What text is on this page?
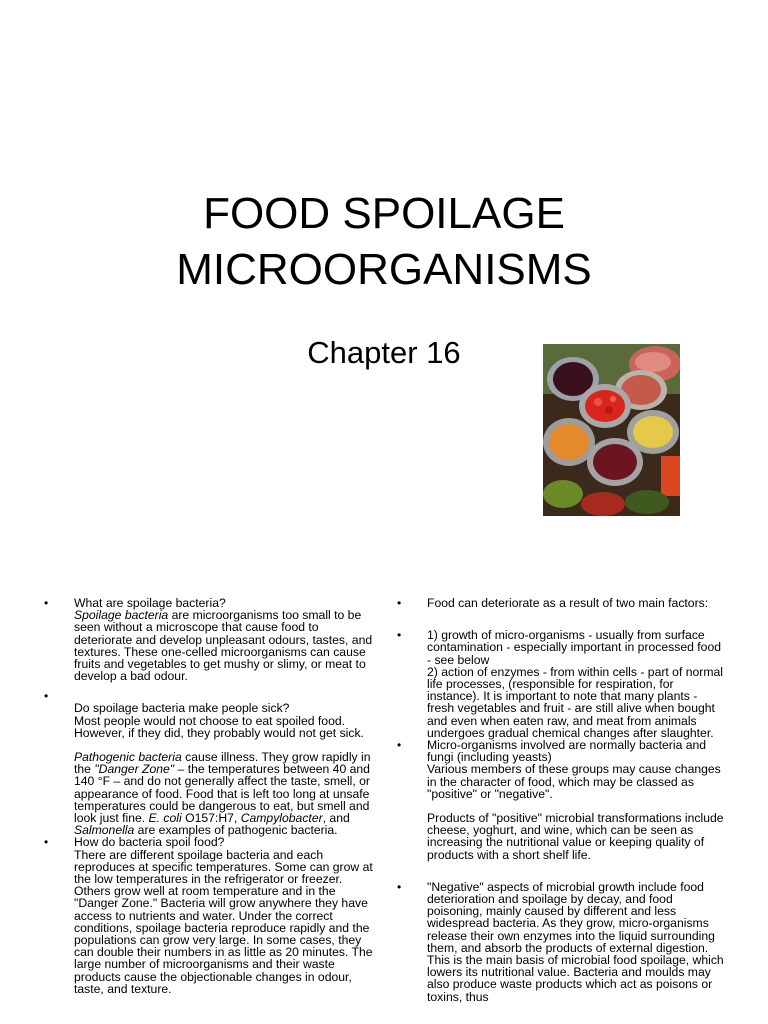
FOOD SPOILAGE
MICROORGANISMS
Chapter 16
• What are spoilage bacteria?

Spoilage bacteria are microorganisms too small to be seen without a microscope that cause food to deteriorate and develop unpleasant odours, tastes, and textures. These one-celled microorganisms can cause fruits and vegetables to get mushy or slimy, or meat to develop a bad odour.

•

Do spoilage bacteria make people sick?

Most people would not choose to eat spoiled food. However, if they did, they probably would not get sick.

Pathogenic bacteria cause illness. They grow rapidly in the "Danger Zone" – the temperatures between 40 and 140 °F – and do not generally affect the taste, smell, or appearance of food. Food that is left too long at unsafe temperatures could be dangerous to eat, but smell and look just fine. E. coli O157:H7, Campylobacter, and Salmonella are examples of pathogenic bacteria.

• How do bacteria spoil food?

There are different spoilage bacteria and each reproduces at specific temperatures. Some can grow at the low temperatures in the refrigerator or freezer. Others grow well at room temperature and in the "Danger Zone." Bacteria will grow anywhere they have access to nutrients and water. Under the correct conditions, spoilage bacteria reproduce rapidly and the populations can grow very large. In some cases, they can double their numbers in as little as 20 minutes. The large number of microorganisms and their waste products cause the objectionable changes in odour, taste, and texture.

• Food can deteriorate as a result of two main factors:

• 1) growth of micro-organisms - usually from surface contamination - especially important in processed food - see below

2) action of enzymes - from within cells - part of normal life processes, (responsible for respiration, for instance). It is important to note that many plants - fresh vegetables and fruit - are still alive when bought and even when eaten raw, and meat from animals undergoes gradual chemical changes after slaughter.

• Micro-organisms involved are normally bacteria and fungi (including yeasts)

Various members of these groups may cause changes in the character of food, which may be classed as "positive" or "negative".

Products of "positive" microbial transformations include cheese, yoghurt, and wine, which can be seen as increasing the nutritional value or keeping quality of products with a short shelf life.

• "Negative" aspects of microbial growth include food deterioration and spoilage by decay, and food poisoning, mainly caused by different and less widespread bacteria. As they grow, micro-organisms release their own enzymes into the liquid surrounding them, and absorb the products of external digestion. This is the main basis of microbial food spoilage, which lowers its nutritional value. Bacteria and moulds may also produce waste products which act as poisons or toxins, thus
